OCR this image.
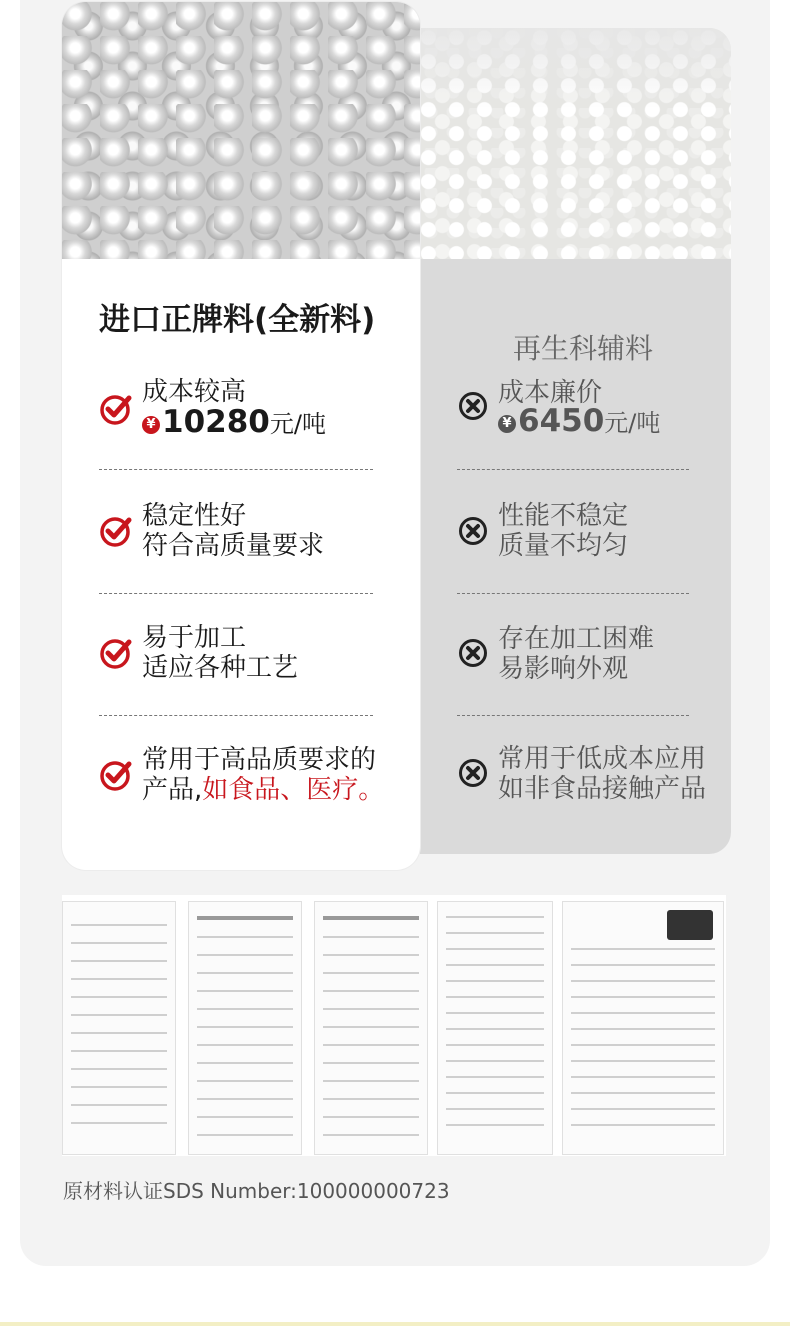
再生科辅料
成本廉价
¥ 6450元/吨
性能不稳定
质量不均匀
存在加工困难
易影响外观
常用于低成本应用
如非食品接触产品
进口正牌料(全新料)
成本较高
¥ 10280元/吨
稳定性好
符合高质量要求
易于加工
适应各种工艺
常用于高品质要求的
产品,如食品、医疗。
原材料认证SDS Number:100000000723
